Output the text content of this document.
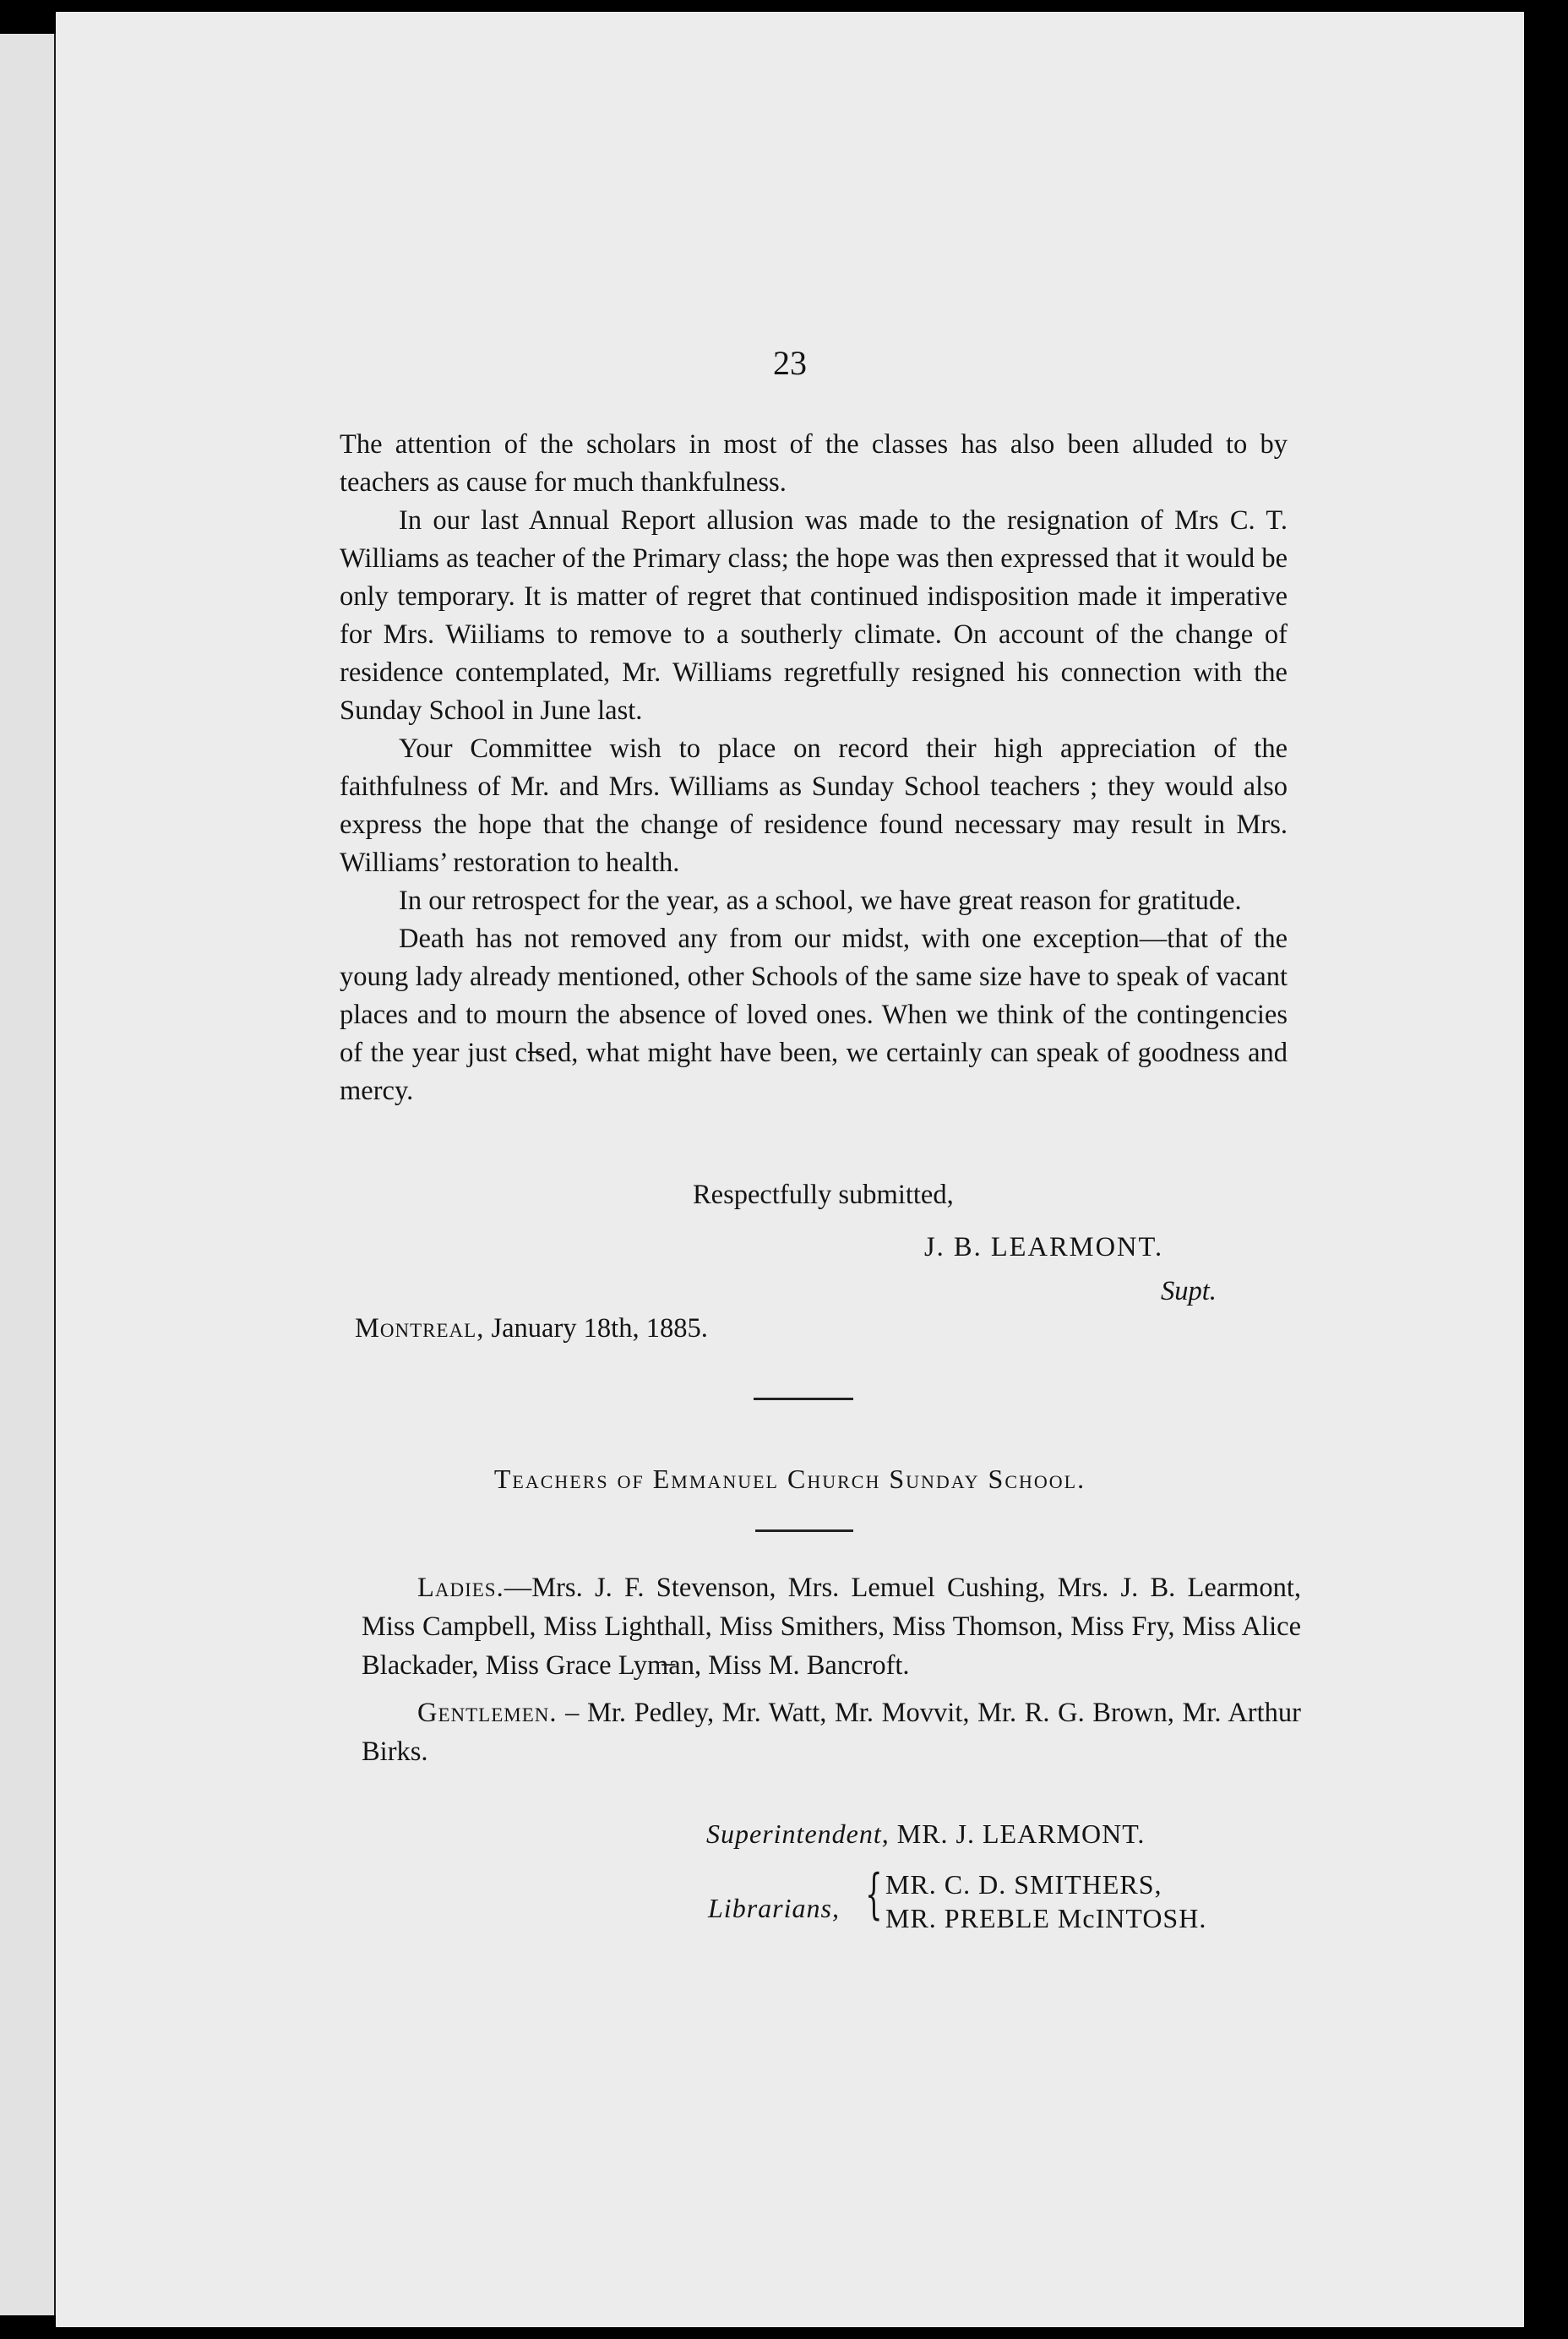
23

The attention of the scholars in most of the classes has also been alluded to by teachers as cause for much thankfulness.

In our last Annual Report allusion was made to the resignation of Mrs C. T. Williams as teacher of the Primary class; the hope was then expressed that it would be only temporary. It is matter of regret that continued indisposition made it imperative for Mrs. Wiiliams to remove to a southerly climate. On account of the change of residence contemplated, Mr. Williams regretfully resigned his connection with the Sunday School in June last.

Your Committee wish to place on record their high appreciation of the faithfulness of Mr. and Mrs. Williams as Sunday School teachers ; they would also express the hope that the change of residence found necessary may result in Mrs. Williams’ restoration to health.

In our retrospect for the year, as a school, we have great reason for gratitude.

Death has not removed any from our midst, with one exception—that of the young lady already mentioned, other Schools of the same size have to speak of vacant places and to mourn the absence of loved ones. When we think of the contingencies of the year just cl̶sed, what might have been, we certainly can speak of goodness and mercy.

Respectfully submitted,
J. B. LEARMONT.
Supt.
Montreal, January 18th, 1885.
Teachers of Emmanuel Church Sunday School.

Ladies.—Mrs. J. F. Stevenson, Mrs. Lemuel Cushing, Mrs. J. B. Learmont, Miss Campbell, Miss Lighthall, Miss Smithers, Miss Thomson, Miss Fry, Miss Alice Blackader, Miss Grace Lym̶an, Miss M. Bancroft.

Gentlemen. – Mr. Pedley, Mr. Watt, Mr. Movvit, Mr. R. G. Brown, Mr. Arthur Birks.

Superintendent, MR. J. LEARMONT.
Librarians, { MR. C. D. SMITHERS,
MR. PREBLE McINTOSH.
